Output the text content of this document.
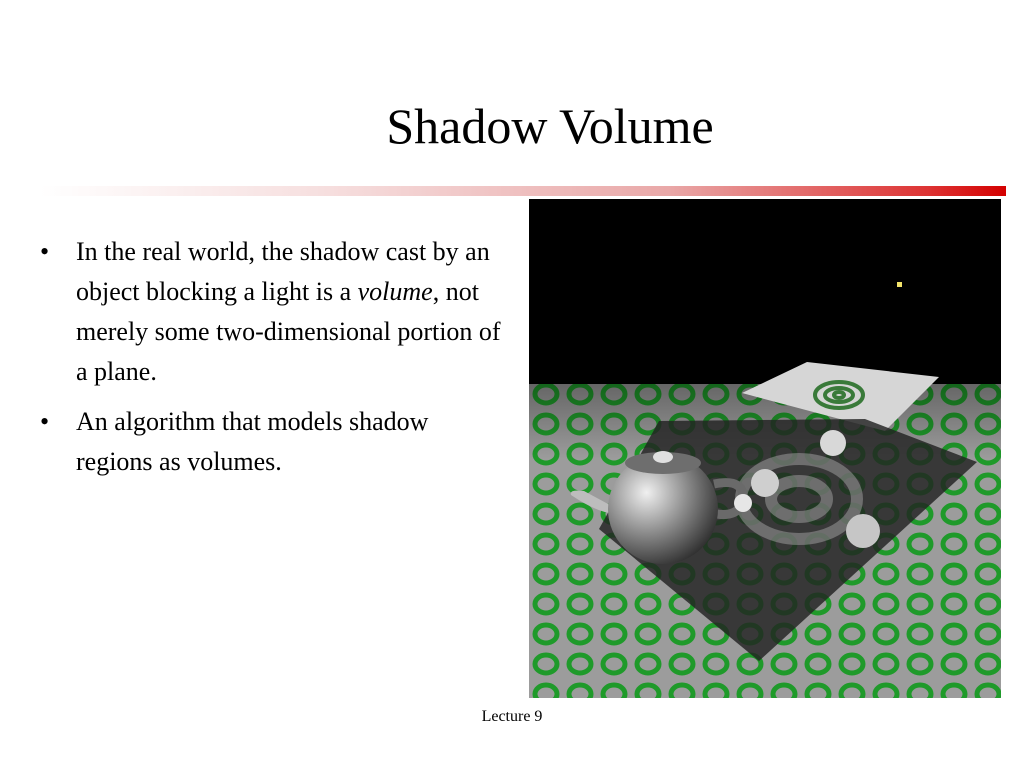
Shadow Volume
• In the real world, the shadow cast by an object blocking a light is a volume, not merely some two-dimensional portion of a plane.
• An algorithm that models shadow regions as volumes.
Lecture 9
